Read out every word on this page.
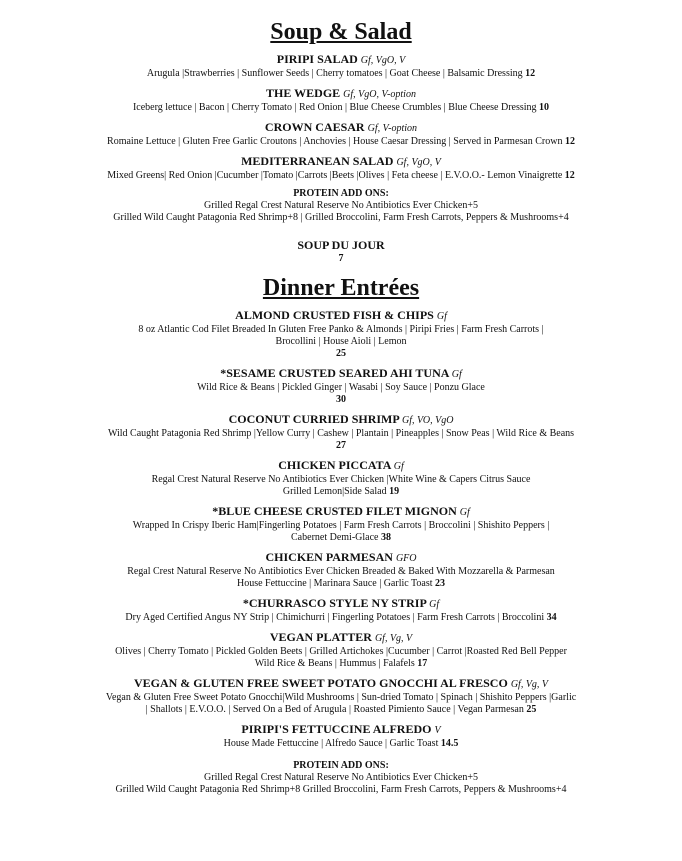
Soup & Salad
PIRIPI SALAD Gf, VgO, V
Arugula |Strawberries | Sunflower Seeds | Cherry tomatoes | Goat Cheese | Balsamic Dressing 12
THE WEDGE Gf, VgO, V-option
Iceberg lettuce | Bacon | Cherry Tomato | Red Onion | Blue Cheese Crumbles | Blue Cheese Dressing 10
CROWN CAESAR Gf, V-option
Romaine Lettuce | Gluten Free Garlic Croutons | Anchovies | House Caesar Dressing | Served in Parmesan Crown 12
MEDITERRANEAN SALAD Gf, VgO, V
Mixed Greens| Red Onion |Cucumber |Tomato |Carrots |Beets |Olives | Feta cheese | E.V.O.O.- Lemon Vinaigrette 12
PROTEIN ADD ONS:
Grilled Regal Crest Natural Reserve No Antibiotics Ever Chicken+5
Grilled Wild Caught Patagonia Red Shrimp+8 | Grilled Broccolini, Farm Fresh Carrots, Peppers & Mushrooms+4
SOUP DU JOUR
7
Dinner Entrées
ALMOND CRUSTED FISH & CHIPS Gf
8 oz Atlantic Cod Filet Breaded In Gluten Free Panko & Almonds | Piripi Fries | Farm Fresh Carrots |
Brocollini | House Aioli | Lemon
25
*SESAME CRUSTED SEARED AHI TUNA Gf
Wild Rice & Beans | Pickled Ginger | Wasabi | Soy Sauce | Ponzu Glace
30
COCONUT CURRIED SHRIMP Gf, VO, VgO
Wild Caught Patagonia Red Shrimp |Yellow Curry | Cashew | Plantain | Pineapples | Snow Peas | Wild Rice & Beans
27
CHICKEN PICCATA Gf
Regal Crest Natural Reserve No Antibiotics Ever Chicken |White Wine & Capers Citrus Sauce
Grilled Lemon|Side Salad 19
*BLUE CHEESE CRUSTED FILET MIGNON Gf
Wrapped In Crispy Iberic Ham|Fingerling Potatoes | Farm Fresh Carrots | Broccolini | Shishito Peppers |
Cabernet Demi-Glace 38
CHICKEN PARMESAN GFO
Regal Crest Natural Reserve No Antibiotics Ever Chicken Breaded & Baked With Mozzarella & Parmesan
House Fettuccine | Marinara Sauce | Garlic Toast 23
*CHURRASCO STYLE NY STRIP Gf
Dry Aged Certified Angus NY Strip | Chimichurri | Fingerling Potatoes | Farm Fresh Carrots | Broccolini 34
VEGAN PLATTER Gf, Vg, V
Olives | Cherry Tomato | Pickled Golden Beets | Grilled Artichokes |Cucumber | Carrot |Roasted Red Bell Pepper
Wild Rice & Beans | Hummus | Falafels 17
VEGAN & GLUTEN FREE SWEET POTATO GNOCCHI AL FRESCO Gf, Vg, V
Vegan & Gluten Free Sweet Potato Gnocchi|Wild Mushrooms | Sun-dried Tomato | Spinach | Shishito Peppers |Garlic
| Shallots | E.V.O.O. | Served On a Bed of Arugula | Roasted Pimiento Sauce | Vegan Parmesan 25
PIRIPI'S FETTUCCINE ALFREDO V
House Made Fettuccine | Alfredo Sauce | Garlic Toast 14.5
PROTEIN ADD ONS:
Grilled Regal Crest Natural Reserve No Antibiotics Ever Chicken+5
Grilled Wild Caught Patagonia Red Shrimp+8 Grilled Broccolini, Farm Fresh Carrots, Peppers & Mushrooms+4
